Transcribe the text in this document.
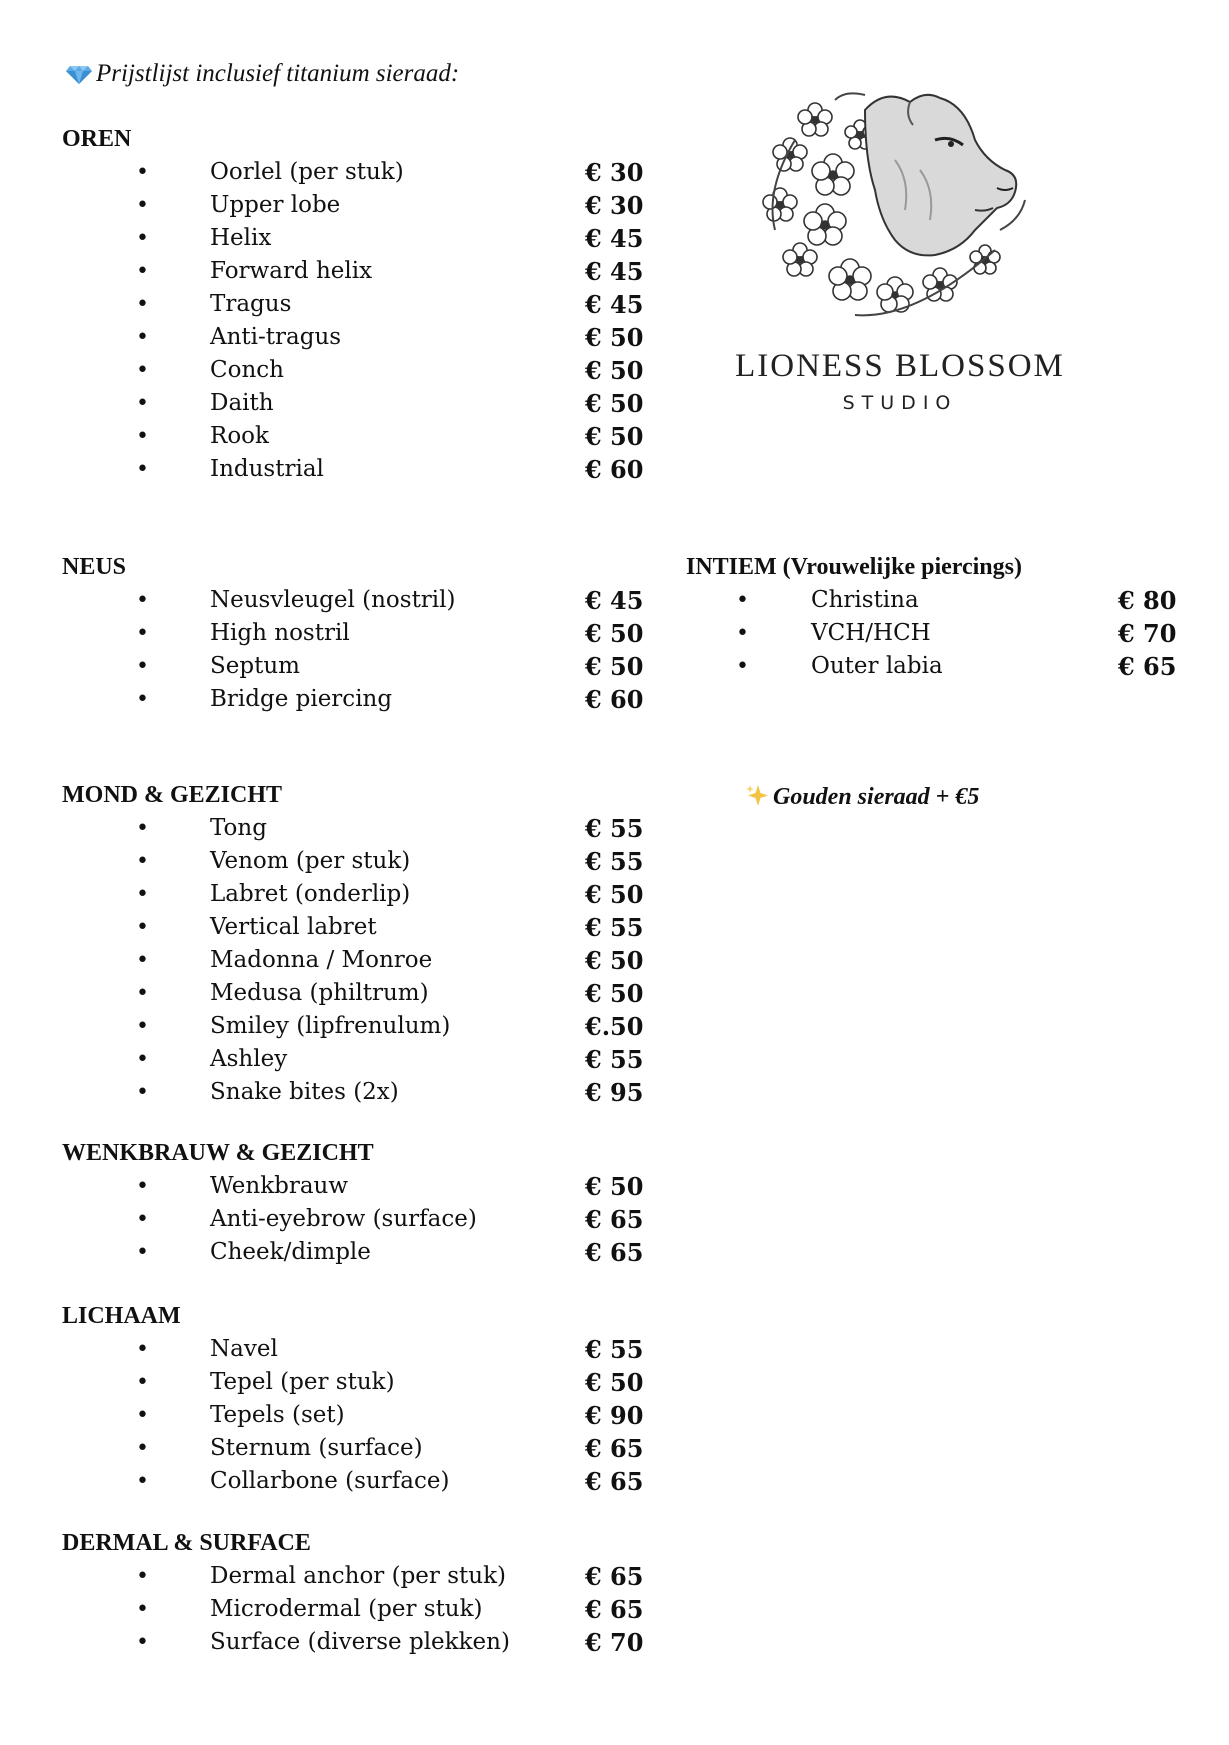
Prijstlijst inclusief titanium sieraad:
OREN
•	Oorlel (per stuk)	€ 30
•	Upper lobe	€ 30
•	Helix	€ 45
•	Forward helix	€ 45
•	Tragus	€ 45
•	Anti-tragus	€ 50
•	Conch	€ 50
•	Daith	€ 50
•	Rook	€ 50
•	Industrial	€ 60
NEUS
•	Neusvleugel (nostril)	€ 45
•	High nostril	€ 50
•	Septum	€ 50
•	Bridge piercing	€ 60
INTIEM (Vrouwelijke piercings)
•	Christina	€ 80
•	VCH/HCH	€ 70
•	Outer labia	€ 65
MOND & GEZICHT
•	Tong	€ 55
•	Venom (per stuk)	€ 55
•	Labret (onderlip)	€ 50
•	Vertical labret	€ 55
•	Madonna / Monroe	€ 50
•	Medusa (philtrum)	€ 50
•	Smiley (lipfrenulum)	€.50
•	Ashley	€ 55
•	Snake bites (2x)	€ 95
Gouden sieraad + €5
WENKBRAUW & GEZICHT
•	Wenkbrauw	€ 50
•	Anti-eyebrow (surface)	€ 65
•	Cheek/dimple	€ 65
LICHAAM
•	Navel	€ 55
•	Tepel (per stuk)	€ 50
•	Tepels (set)	€ 90
•	Sternum (surface)	€ 65
•	Collarbone (surface)	€ 65
DERMAL & SURFACE
•	Dermal anchor (per stuk)	€ 65
•	Microdermal (per stuk)	€ 65
•	Surface (diverse plekken)	€ 70
LIONESS BLOSSOM
STUDIO
